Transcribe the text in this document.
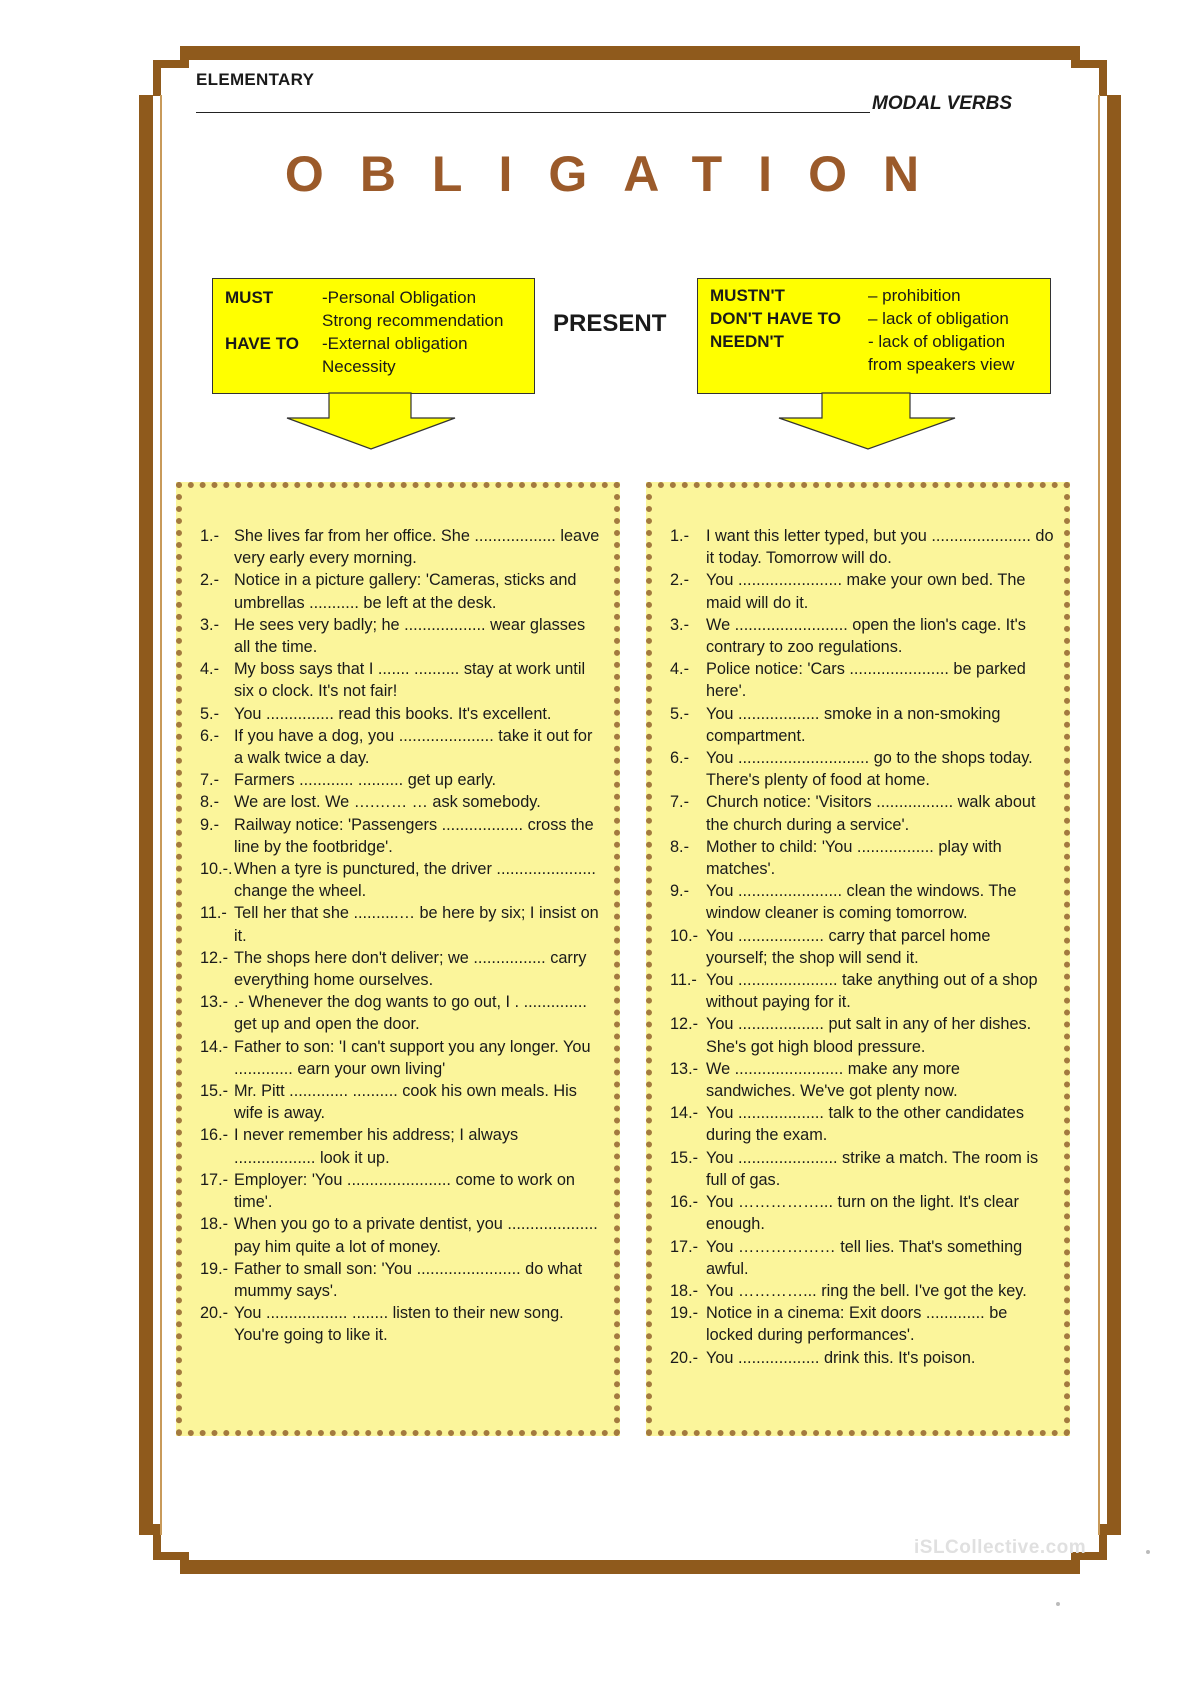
ELEMENTARY
MODAL VERBS
OBLIGATION
MUST	-Personal Obligation
Strong recommendation
HAVE TO -External obligation
Necessity
PRESENT
MUSTN'T	– prohibition
DON'T HAVE TO – lack of obligation
NEEDN'T	- lack of obligation
from speakers view
1.- She lives far from her office. She .................. leave very early every morning.
2.- Notice in a picture gallery: 'Cameras, sticks and umbrellas ........... be left at the desk.
3.- He sees very badly; he .................. wear glasses all the time.
4.- My boss says that I ....... .......... stay at work until six o clock. It's not fair!
5.- You ............... read this books. It's excellent.
6.- If you have a dog, you ..................... take it out for a walk twice a day.
7.- Farmers ............ .......... get up early.
8.- We are lost. We ….…… … ask somebody.
9.- Railway notice: 'Passengers .................. cross the line by the footbridge'.
10.-. When a tyre is punctured, the driver ...................... change the wheel.
11.- Tell her that she ..........… be here by six; I insist on it.
12.- The shops here don't deliver; we ................ carry everything home ourselves.
13.- .- Whenever the dog wants to go out, I . .............. get up and open the door.
14.- Father to son: 'I can't support you any longer. You ............. earn your own living'
15.- Mr. Pitt ............. .......... cook his own meals. His wife is away.
16.- I never remember his address; I always .................. look it up.
17.- Employer: 'You ....................... come to work on time'.
18.- When you go to a private dentist, you .................... pay him quite a lot of money.
19.- Father to small son: 'You ....................... do what mummy says'.
20.- You .................. ........ listen to their new song. You're going to like it.
1.-	I want this letter typed, but you ...................... do it today. Tomorrow will do.
2.-	You ....................... make your own bed. The maid will do it.
3.-	We ......................... open the lion's cage. It's contrary to zoo regulations.
4.-	Police notice: 'Cars ...................... be parked here'.
5.-	You .................. smoke in a non-smoking compartment.
6.-	You ............................. go to the shops today. There's plenty of food at home.
7.-	Church notice: 'Visitors ................. walk about the church during a service'.
8.-	Mother to child: 'You ................. play with matches'.
9.-	You ....................... clean the windows. The window cleaner is coming tomorrow.
10.- You ................... carry that parcel home yourself; the shop will send it.
11.- You ...................... take anything out of a shop without paying for it.
12.- You ................... put salt in any of her dishes. She's got high blood pressure.
13.- We ........................ make any more sandwiches. We've got plenty now.
14.- You ................... talk to the other candidates during the exam.
15.- You ...................... strike a match. The room is full of gas.
16.- You ……………... turn on the light. It's clear enough.
17.- You ……………… tell lies. That's something awful.
18.- You …………... ring the bell. I've got the key.
19.- Notice in a cinema: Exit doors ............. be locked during performances'.
20.- You .................. drink this. It's poison.
iSLCollective.com
